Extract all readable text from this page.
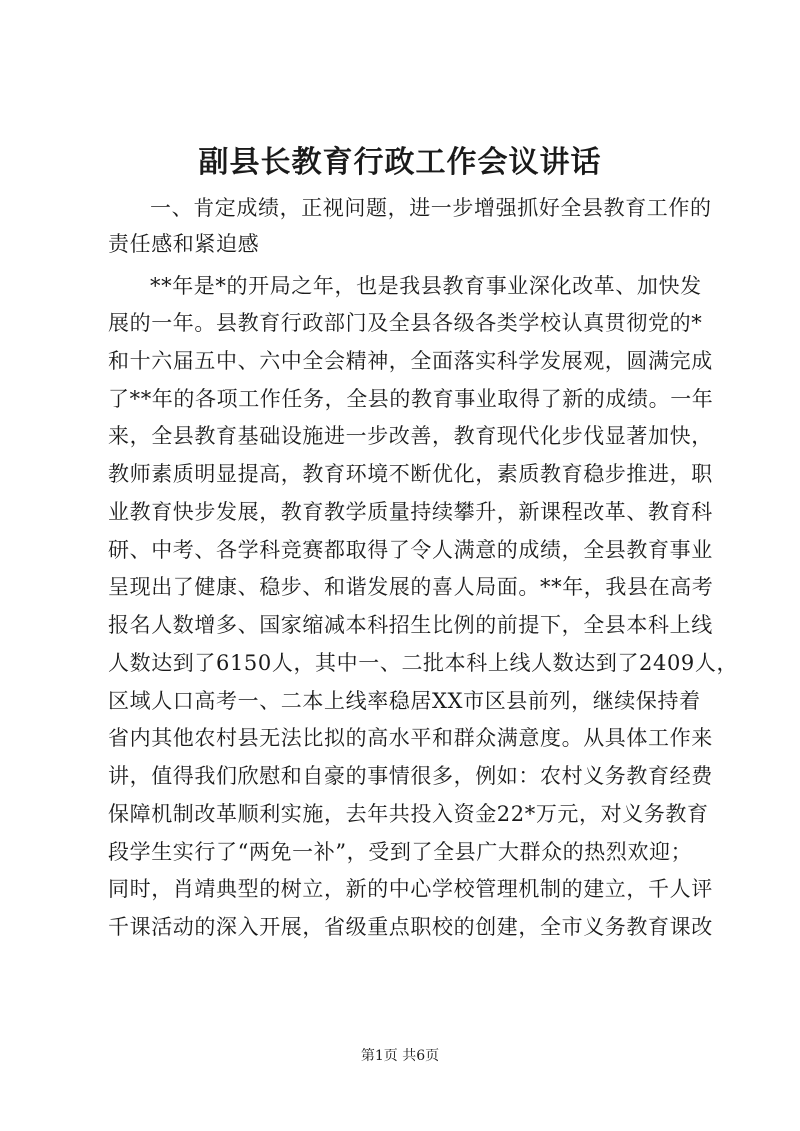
副县长教育行政工作会议讲话
一、肯定成绩，正视问题，进一步增强抓好全县教育工作的
责任感和紧迫感
**年是*的开局之年，也是我县教育事业深化改革、加快发
展的一年。县教育行政部门及全县各级各类学校认真贯彻党的*
和十六届五中、六中全会精神，全面落实科学发展观，圆满完成
了**年的各项工作任务，全县的教育事业取得了新的成绩。一年
来，全县教育基础设施进一步改善，教育现代化步伐显著加快，
教师素质明显提高，教育环境不断优化，素质教育稳步推进，职
业教育快步发展，教育教学质量持续攀升，新课程改革、教育科
研、中考、各学科竞赛都取得了令人满意的成绩，全县教育事业
呈现出了健康、稳步、和谐发展的喜人局面。**年，我县在高考
报名人数增多、国家缩减本科招生比例的前提下，全县本科上线
人数达到了6150人，其中一、二批本科上线人数达到了2409人，
区域人口高考一、二本上线率稳居XX市区县前列，继续保持着
省内其他农村县无法比拟的高水平和群众满意度。从具体工作来
讲，值得我们欣慰和自豪的事情很多，例如：农村义务教育经费
保障机制改革顺利实施，去年共投入资金22*万元，对义务教育
段学生实行了“两免一补”，受到了全县广大群众的热烈欢迎；
同时，肖靖典型的树立，新的中心学校管理机制的建立，千人评
千课活动的深入开展，省级重点职校的创建，全市义务教育课改
第1页 共6页
